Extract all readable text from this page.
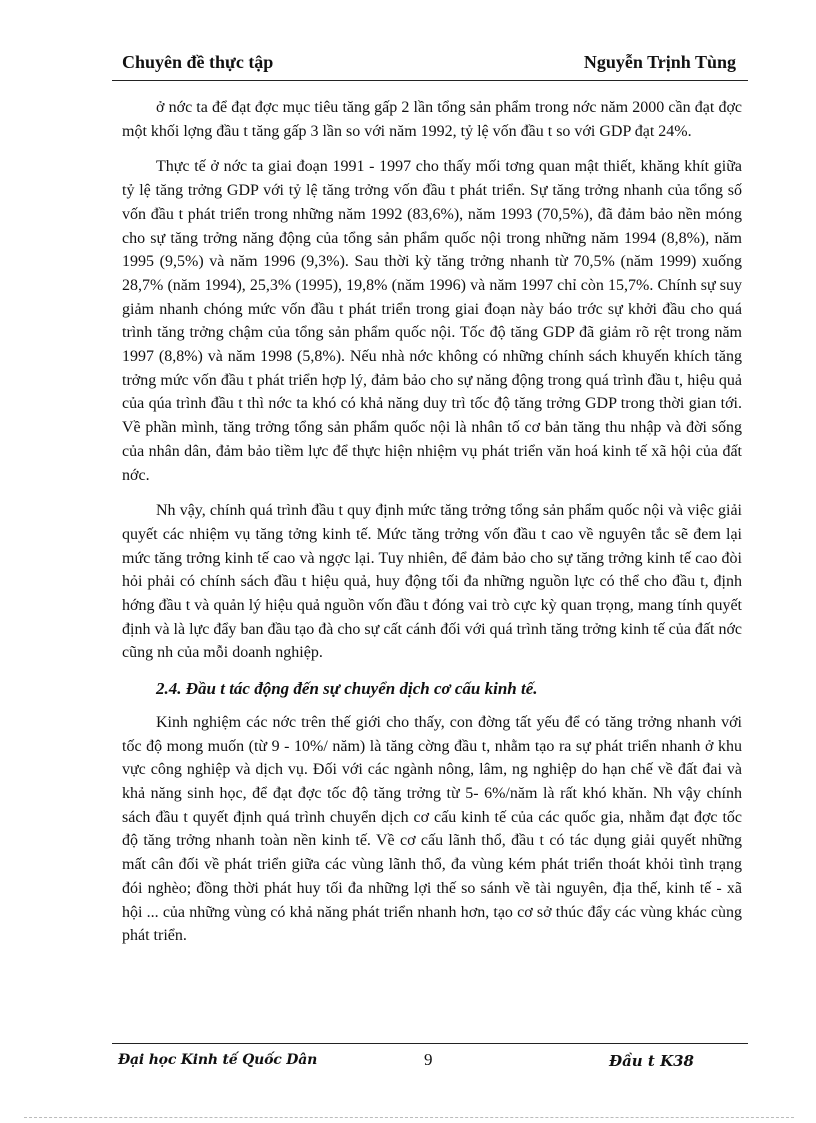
Chuyên đề thực tập	Nguyễn Trịnh Tùng

ở nớc ta để đạt đợc mục tiêu tăng gấp 2 lần tổng sản phẩm trong nớc năm 2000 cần đạt đợc một khối lợng đầu t tăng gấp 3 lần so với năm 1992, tỷ lệ vốn đầu t so với GDP đạt 24%.

Thực tế ở nớc ta giai đoạn 1991 - 1997 cho thấy mối tơng quan mật thiết, khăng khít giữa tỷ lệ tăng trởng GDP với tỷ lệ tăng trởng vốn đầu t phát triển. Sự tăng trởng nhanh của tổng số vốn đầu t phát triển trong những năm 1992 (83,6%), năm 1993 (70,5%), đã đảm bảo nền móng cho sự tăng trởng năng động của tổng sản phẩm quốc nội trong những năm 1994 (8,8%), năm 1995 (9,5%) và năm 1996 (9,3%). Sau thời kỳ tăng trởng nhanh từ 70,5% (năm 1999) xuống 28,7% (năm 1994), 25,3% (1995), 19,8% (năm 1996) và năm 1997 chỉ còn 15,7%. Chính sự suy giảm nhanh chóng mức vốn đầu t phát triển trong giai đoạn này báo trớc sự khởi đầu cho quá trình tăng trởng chậm của tổng sản phẩm quốc nội. Tốc độ tăng GDP đã giảm rõ rệt trong năm 1997 (8,8%) và năm 1998 (5,8%). Nếu nhà nớc không có những chính sách khuyến khích tăng trởng mức vốn đầu t phát triển hợp lý, đảm bảo cho sự năng động trong quá trình đầu t, hiệu quả của qúa trình đầu t thì nớc ta khó có khả năng duy trì tốc độ tăng trởng GDP trong thời gian tới. Về phần mình, tăng trởng tổng sản phẩm quốc nội là nhân tố cơ bản tăng thu nhập và đời sống của nhân dân, đảm bảo tiềm lực để thực hiện nhiệm vụ phát triển văn hoá kinh tế xã hội của đất nớc.

Nh vậy, chính quá trình đầu t quy định mức tăng trởng tổng sản phẩm quốc nội và việc giải quyết các nhiệm vụ tăng tởng kinh tế. Mức tăng trởng vốn đầu t cao về nguyên tắc sẽ đem lại mức tăng trởng kinh tế cao và ngợc lại. Tuy nhiên, để đảm bảo cho sự tăng trởng kinh tế cao đòi hỏi phải có chính sách đầu t hiệu quả, huy động tối đa những nguồn lực có thể cho đầu t, định hớng đầu t và quản lý hiệu quả nguồn vốn đầu t đóng vai trò cực kỳ quan trọng, mang tính quyết định và là lực đẩy ban đầu tạo đà cho sự cất cánh đối với quá trình tăng trởng kinh tế của đất nớc cũng nh của mỗi doanh nghiệp.

2.4. Đầu t tác động đến sự chuyển dịch cơ cấu kinh tế.

Kinh nghiệm các nớc trên thế giới cho thấy, con đờng tất yếu để có tăng trởng nhanh với tốc độ mong muốn (từ 9 - 10%/ năm) là tăng cờng đầu t, nhằm tạo ra sự phát triển nhanh ở khu vực công nghiệp và dịch vụ. Đối với các ngành nông, lâm, ng nghiệp do hạn chế về đất đai và khả năng sinh học, để đạt đợc tốc độ tăng trởng từ 5- 6%/năm là rất khó khăn. Nh vậy chính sách đầu t quyết định quá trình chuyển dịch cơ cấu kinh tế của các quốc gia, nhằm đạt đợc tốc độ tăng trởng nhanh toàn nền kinh tế. Về cơ cấu lãnh thổ, đầu t có tác dụng giải quyết những mất cân đối về phát triển giữa các vùng lãnh thổ, đa vùng kém phát triển thoát khỏi tình trạng đói nghèo; đồng thời phát huy tối đa những lợi thế so sánh về tài nguyên, địa thế, kinh tế - xã hội ... của những vùng có khả năng phát triển nhanh hơn, tạo cơ sở thúc đẩy các vùng khác cùng phát triển.

Đại học Kinh tế Quốc Dân	9	Đầu t K38
